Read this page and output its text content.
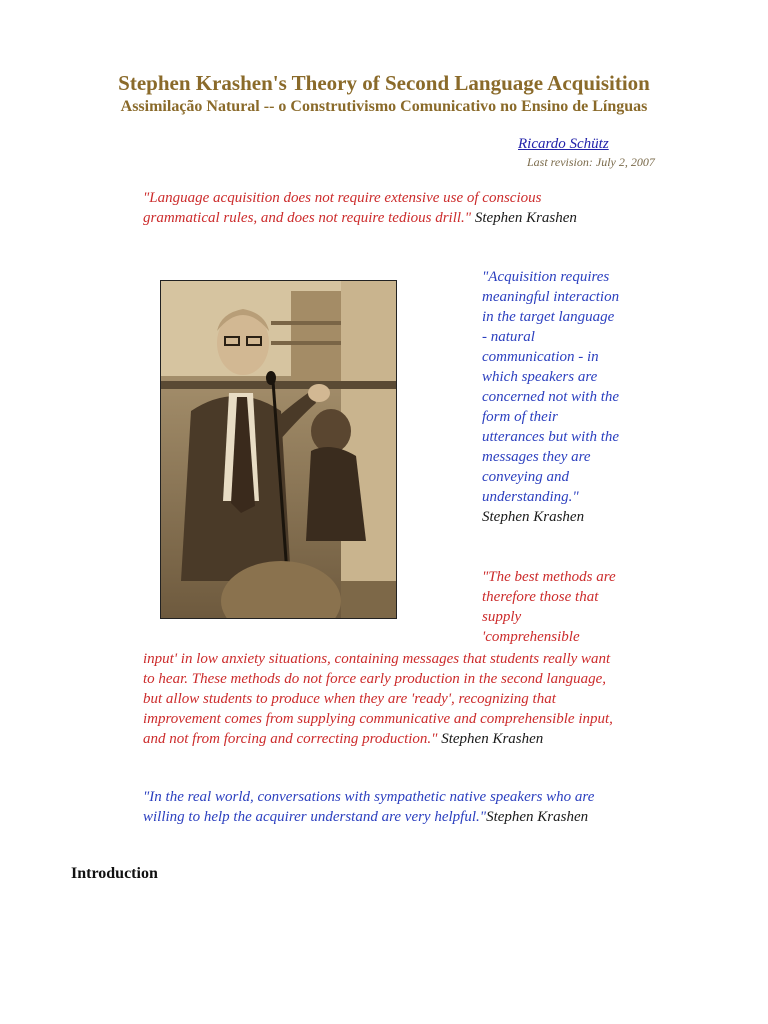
Stephen Krashen's Theory of Second Language Acquisition
Assimilação Natural -- o Construtivismo Comunicativo no Ensino de Línguas
Ricardo Schütz
Last revision: July 2, 2007
"Language acquisition does not require extensive use of conscious grammatical rules, and does not require tedious drill." Stephen Krashen
"Acquisition requires meaningful interaction in the target language - natural communication - in which speakers are concerned not with the form of their utterances but with the messages they are conveying and understanding." Stephen Krashen
"The best methods are therefore those that supply 'comprehensible
input' in low anxiety situations, containing messages that students really want to hear. These methods do not force early production in the second language, but allow students to produce when they are 'ready', recognizing that improvement comes from supplying communicative and comprehensible input, and not from forcing and correcting production." Stephen Krashen
"In the real world, conversations with sympathetic native speakers who are willing to help the acquirer understand are very helpful."Stephen Krashen
Introduction
